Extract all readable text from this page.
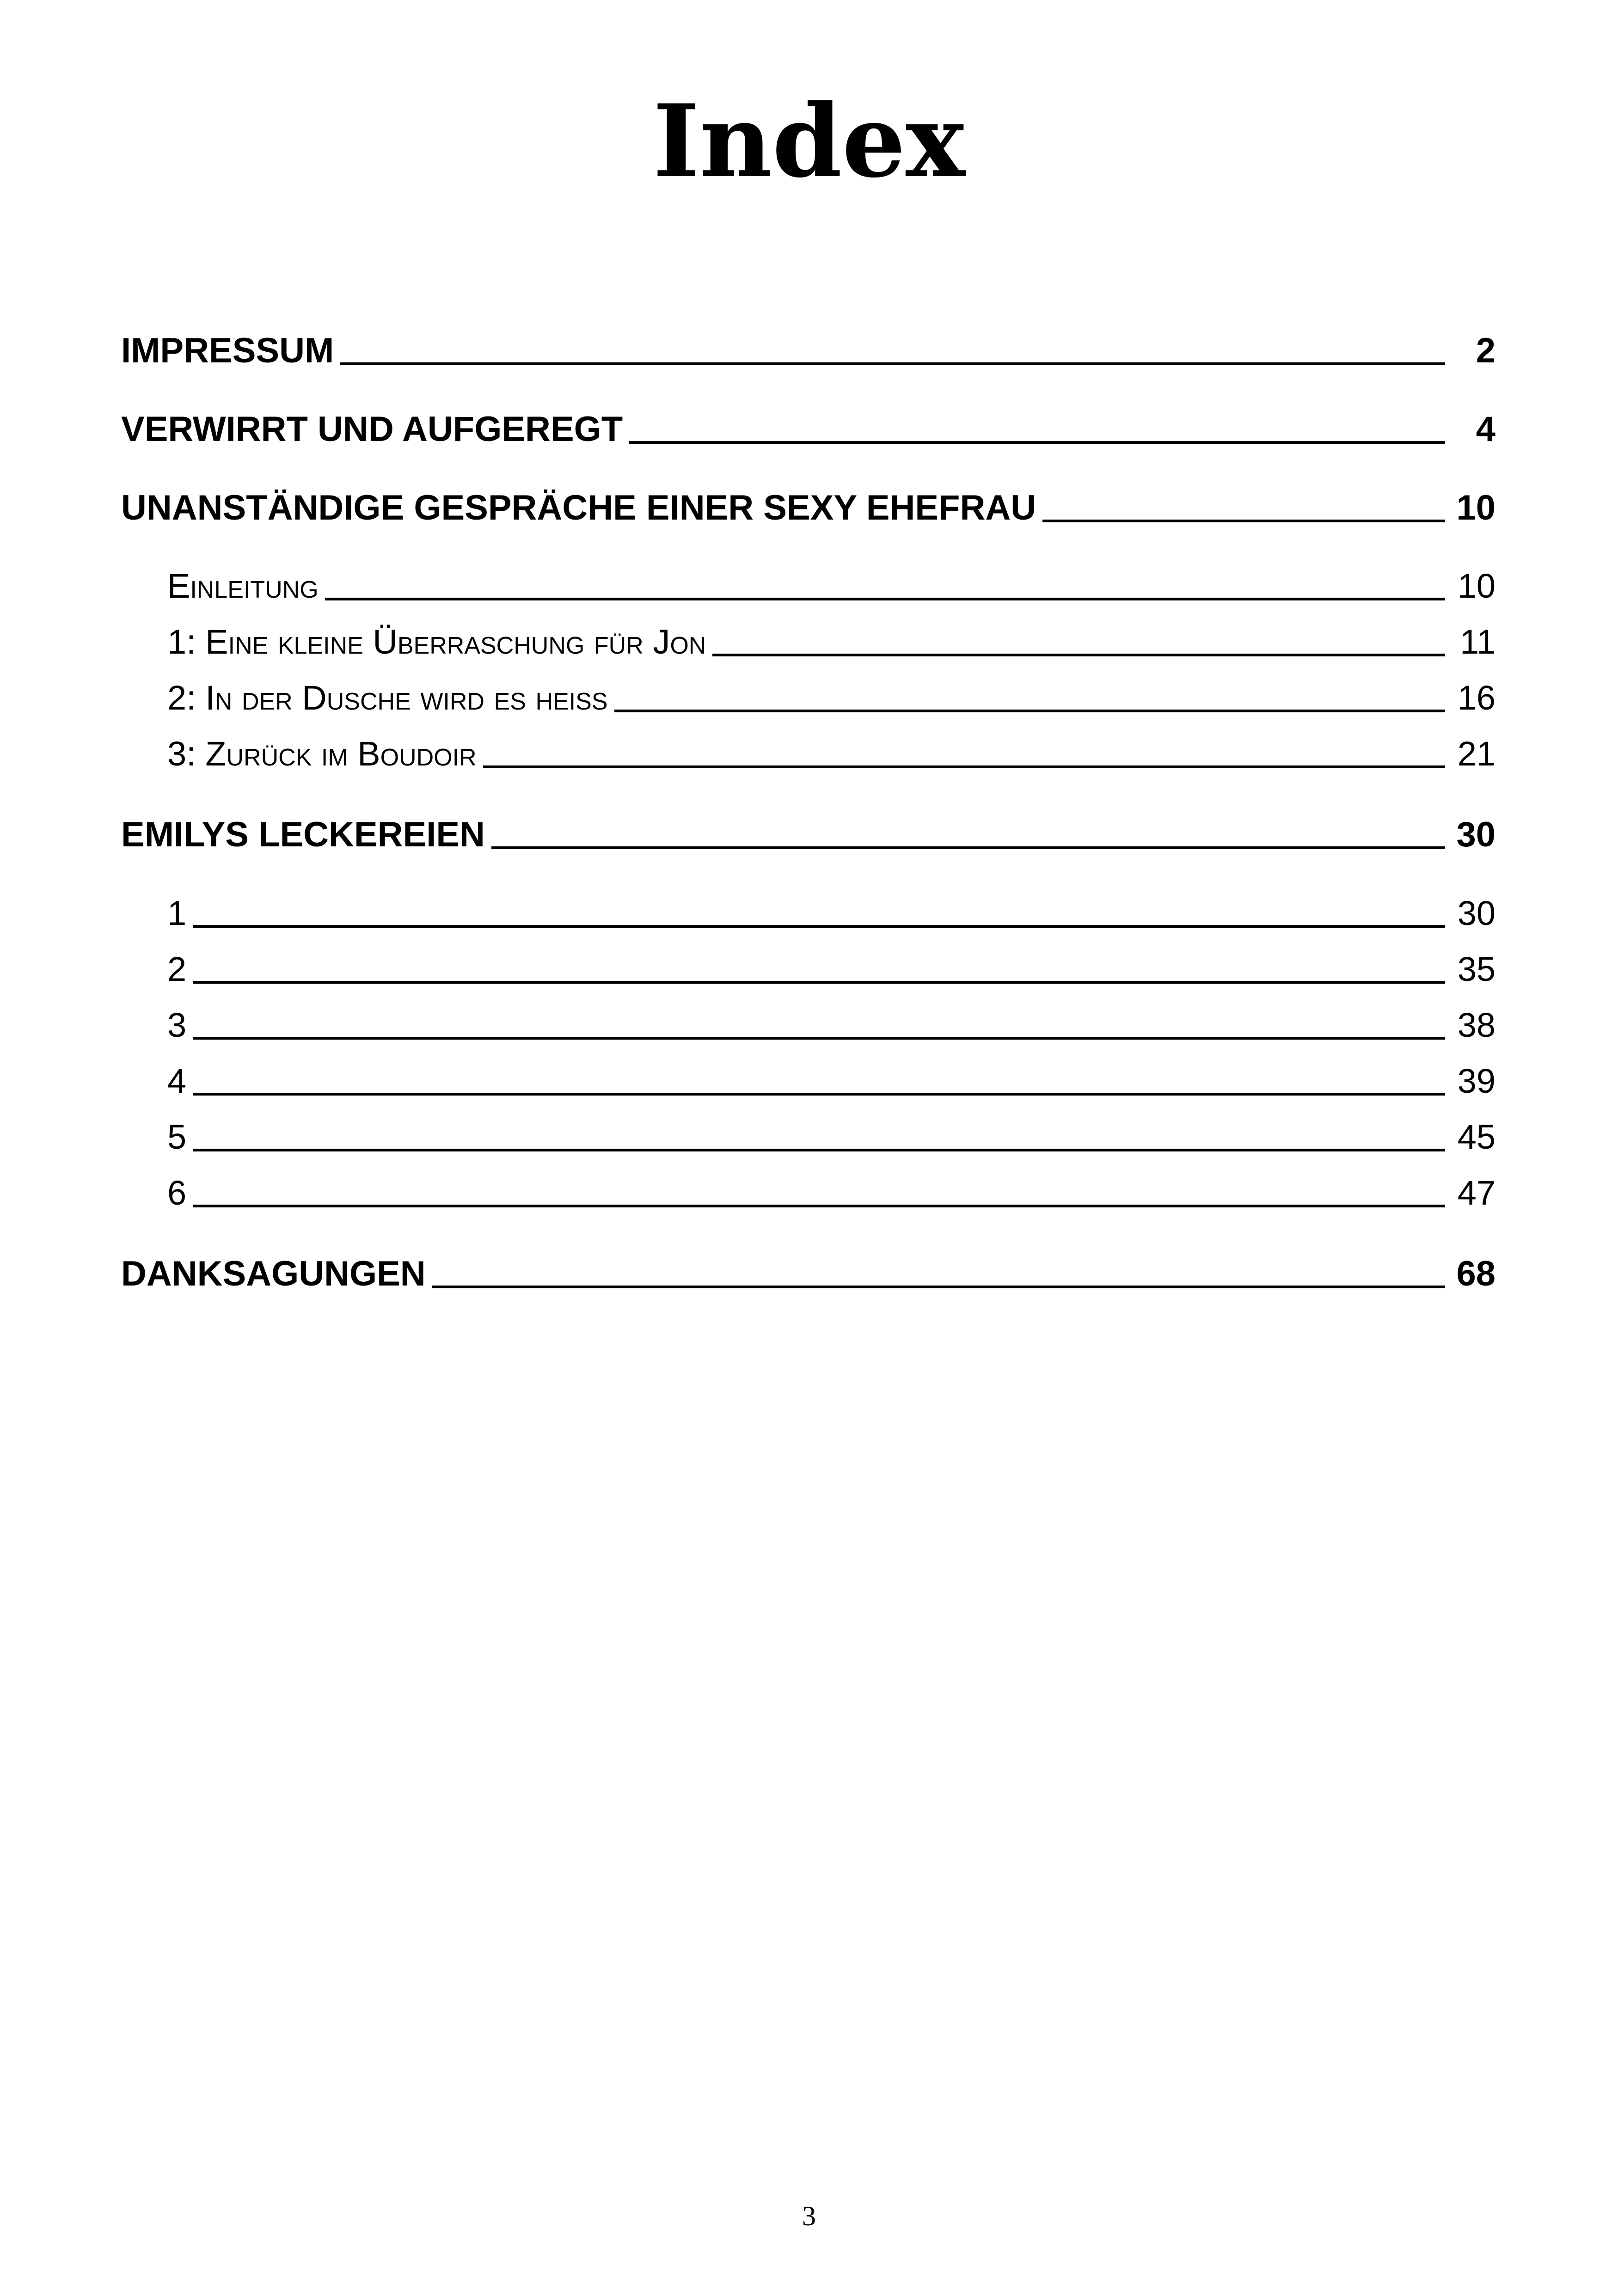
Index
IMPRESSUM	2
VERWIRRT UND AUFGEREGT	4
UNANSTÄNDIGE GESPRÄCHE EINER SEXY EHEFRAU	10
Einleitung	10
1: Eine kleine Überraschung für Jon	11
2: In der Dusche wird es heiß	16
3: Zurück im Boudoir	21
EMILYS LECKEREIEN	30
1	30
2	35
3	38
4	39
5	45
6	47
DANKSAGUNGEN	68
3
